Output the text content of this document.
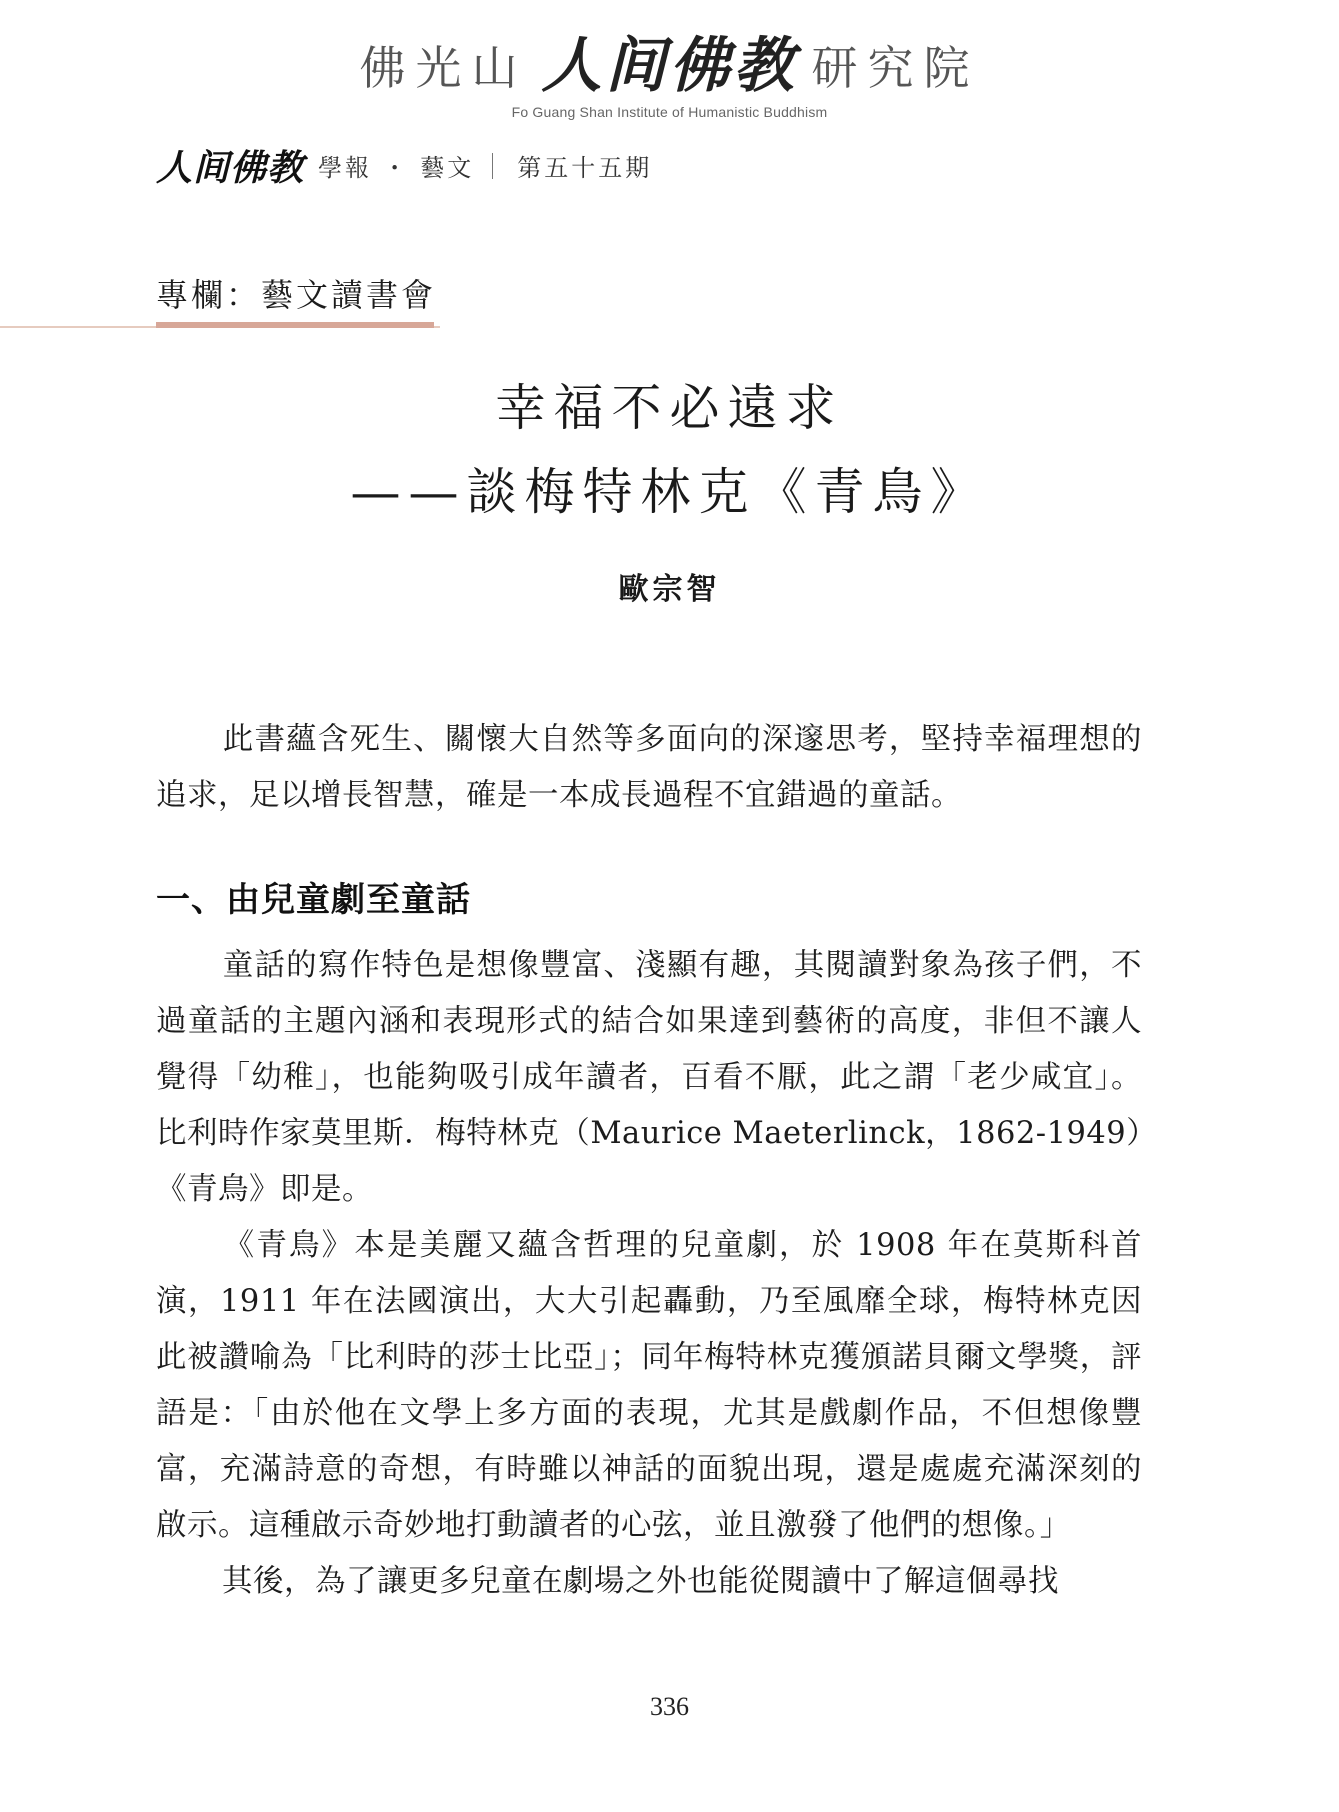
佛光山 人间佛教 研究院
Fo Guang Shan Institute of Humanistic Buddhism
人间佛教 學報 ・ 藝文 第五十五期
專欄：藝文讀書會
幸福不必遠求
——談梅特林克《青鳥》
歐宗智

此書蘊含死生、關懷大自然等多面向的深邃思考，堅持幸福理想的追求，足以增長智慧，確是一本成長過程不宜錯過的童話。

一、由兒童劇至童話

童話的寫作特色是想像豐富、淺顯有趣，其閱讀對象為孩子們，不過童話的主題內涵和表現形式的結合如果達到藝術的高度，非但不讓人覺得「幼稚」，也能夠吸引成年讀者，百看不厭，此之謂「老少咸宜」。比利時作家莫里斯．梅特林克（Maurice Maeterlinck，1862-1949）《青鳥》即是。

《青鳥》本是美麗又蘊含哲理的兒童劇，於 1908 年在莫斯科首演，1911 年在法國演出，大大引起轟動，乃至風靡全球，梅特林克因此被讚喻為「比利時的莎士比亞」；同年梅特林克獲頒諾貝爾文學獎，評語是：「由於他在文學上多方面的表現，尤其是戲劇作品，不但想像豐富，充滿詩意的奇想，有時雖以神話的面貌出現，還是處處充滿深刻的啟示。這種啟示奇妙地打動讀者的心弦，並且激發了他們的想像。」

其後，為了讓更多兒童在劇場之外也能從閱讀中了解這個尋找

336
